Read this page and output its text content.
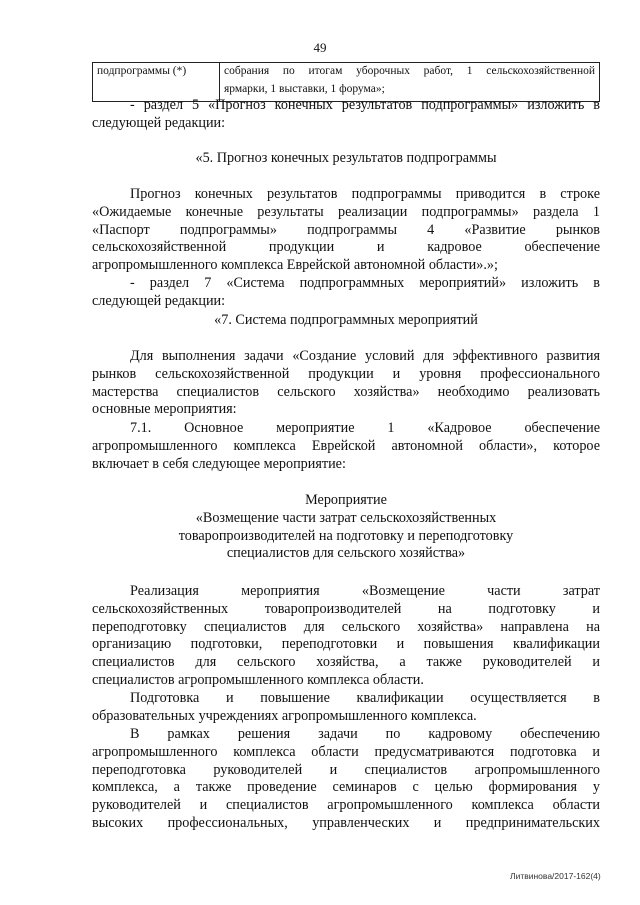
49
подпрограммы (*)	собрания по итогам уборочных работ, 1 сельскохозяйственной
ярмарки, 1 выставки, 1 форума»;
- раздел 5 «Прогноз конечных результатов подпрограммы» изложить в
следующей редакции:
«5. Прогноз конечных результатов подпрограммы
Прогноз конечных результатов подпрограммы приводится в строке
«Ожидаемые конечные результаты реализации подпрограммы» раздела 1
«Паспорт подпрограммы» подпрограммы 4 «Развитие рынков
сельскохозяйственной продукции и кадровое обеспечение
агропромышленного комплекса Еврейской автономной области».»;
- раздел 7 «Система подпрограммных мероприятий» изложить в
следующей редакции:
«7. Система подпрограммных мероприятий
Для выполнения задачи «Создание условий для эффективного развития
рынков сельскохозяйственной продукции и уровня профессионального
мастерства специалистов сельского хозяйства» необходимо реализовать
основные мероприятия:
7.1. Основное мероприятие 1 «Кадровое обеспечение
агропромышленного комплекса Еврейской автономной области», которое
включает в себя следующее мероприятие:
Мероприятие
«Возмещение части затрат сельскохозяйственных
товаропроизводителей на подготовку и переподготовку
специалистов для сельского хозяйства»
Реализация мероприятия «Возмещение части затрат
сельскохозяйственных товаропроизводителей на подготовку и
переподготовку специалистов для сельского хозяйства» направлена на
организацию подготовки, переподготовки и повышения квалификации
специалистов для сельского хозяйства, а также руководителей и
специалистов агропромышленного комплекса области.
Подготовка и повышение квалификации осуществляется в
образовательных учреждениях агропромышленного комплекса.
В рамках решения задачи по кадровому обеспечению
агропромышленного комплекса области предусматриваются подготовка и
переподготовка руководителей и специалистов агропромышленного
комплекса, а также проведение семинаров с целью формирования у
руководителей и специалистов агропромышленного комплекса области
высоких профессиональных, управленческих и предпринимательских
Литвинова/2017-162(4)
